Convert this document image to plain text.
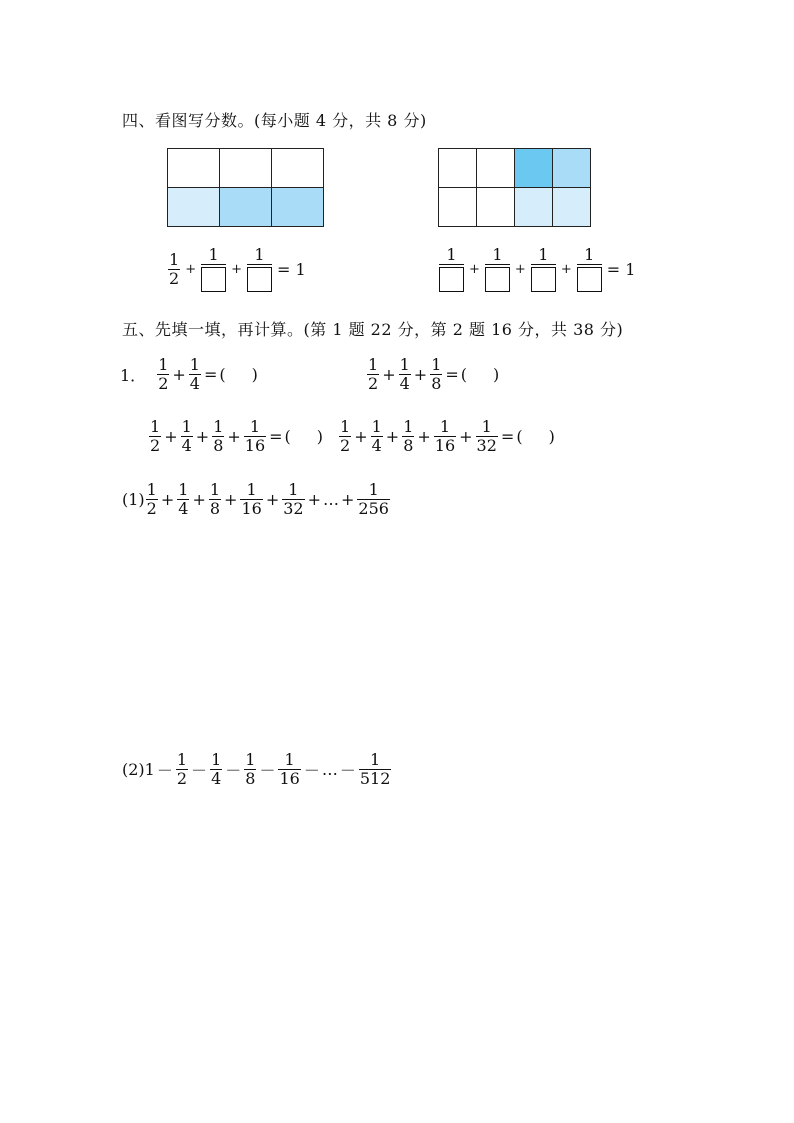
四、看图写分数。(每小题 4 分，共 8 分)

$\frac{1}{2}$ +
1
+
1
= 1
1
+
1
+
1
+
1
= 1
五、先填一填，再计算。(第 1 题 22 分，第 2 题 16 分，共 38 分)
1． $\frac{1}{2} + \frac{1}{4}$ = ( )	$\frac{1}{2} + \frac{1}{4} + \frac{1}{8}$ = ( )
$\frac{1}{2} + \frac{1}{4} + \frac{1}{8} + \frac{1}{16}$ = ( ) $\frac{1}{2} + \frac{1}{4} + \frac{1}{8} + \frac{1}{16} + \frac{1}{32}$ = ( )
$(1) \frac{1}{2} + \frac{1}{4} + \frac{1}{8} + \frac{1}{16} + \frac{1}{32}$ + … + $\frac{1}{256}$
$(2)1 - \frac{1}{2} - \frac{1}{4} - \frac{1}{8} - \frac{1}{16}$ － … － $\frac{1}{512}$
